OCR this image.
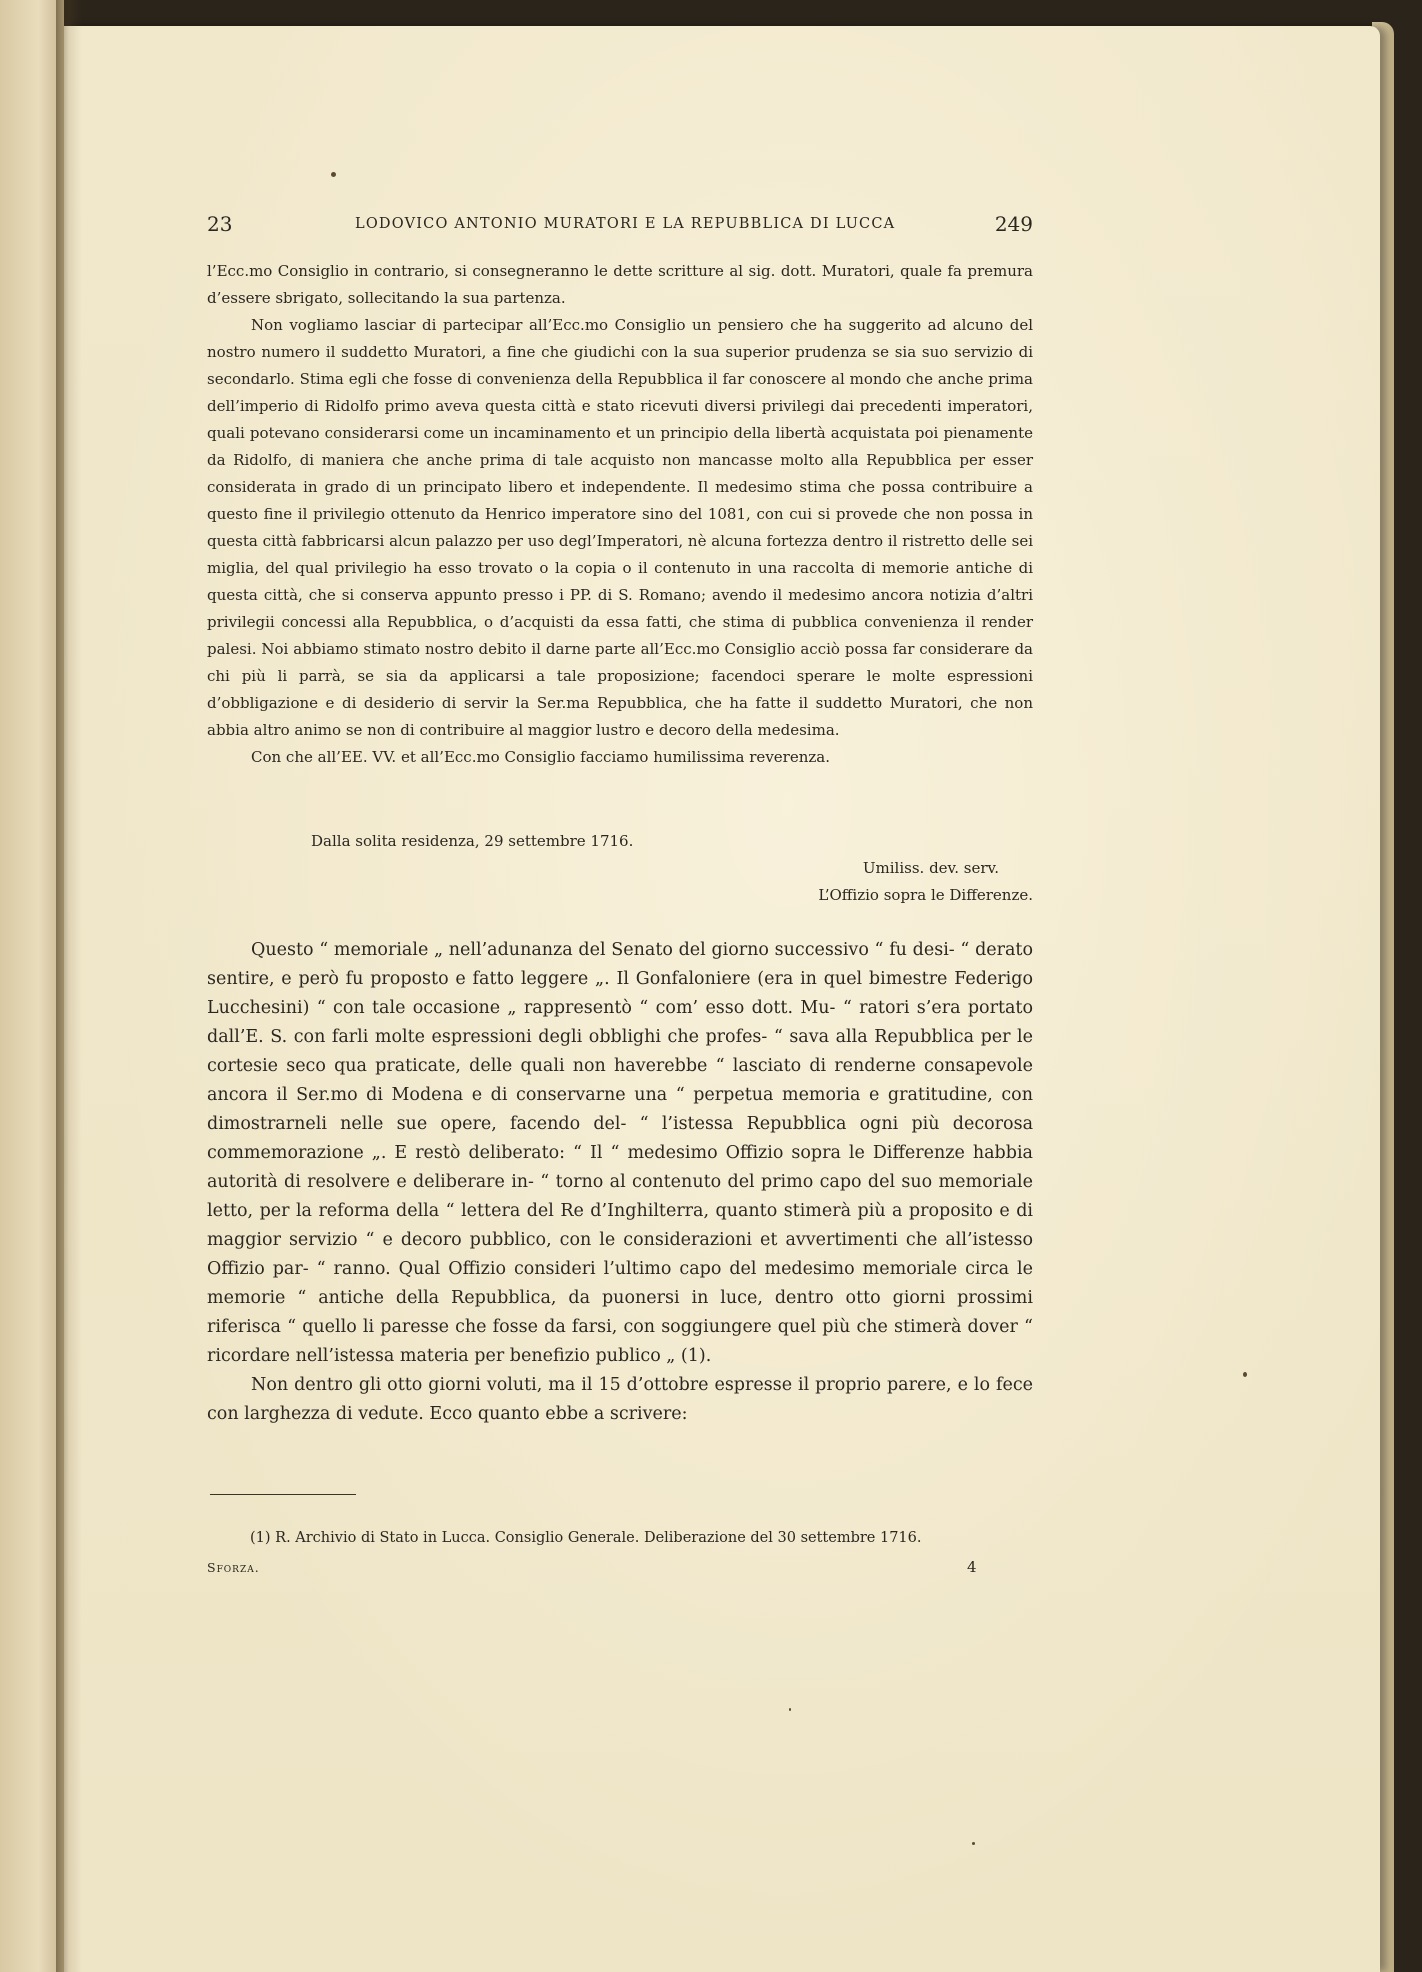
23	LODOVICO ANTONIO MURATORI E LA REPUBBLICA DI LUCCA	249

l’Ecc.mo Consiglio in contrario, si consegneranno le dette scritture al sig. dott. Muratori, quale fa premura d’essere sbrigato, sollecitando la sua partenza.

Non vogliamo lasciar di partecipar all’Ecc.mo Consiglio un pensiero che ha suggerito ad alcuno del nostro numero il suddetto Muratori, a fine che giudichi con la sua superior prudenza se sia suo servizio di secondarlo. Stima egli che fosse di convenienza della Repubblica il far conoscere al mondo che anche prima dell’imperio di Ridolfo primo aveva questa città e stato ricevuti diversi privilegi dai precedenti imperatori, quali potevano considerarsi come un incaminamento et un principio della libertà acquistata poi pienamente da Ridolfo, di maniera che anche prima di tale acquisto non mancasse molto alla Repubblica per esser considerata in grado di un principato libero et independente. Il medesimo stima che possa contribuire a questo fine il privilegio ottenuto da Henrico imperatore sino del 1081, con cui si provede che non possa in questa città fabbricarsi alcun palazzo per uso degl’Imperatori, nè alcuna fortezza dentro il ristretto delle sei miglia, del qual privilegio ha esso trovato o la copia o il contenuto in una raccolta di memorie antiche di questa città, che si conserva appunto presso i PP. di S. Romano; avendo il medesimo ancora notizia d’altri privilegii concessi alla Repubblica, o d’acquisti da essa fatti, che stima di pubblica convenienza il render palesi. Noi abbiamo stimato nostro debito il darne parte all’Ecc.mo Consiglio acciò possa far considerare da chi più li parrà, se sia da applicarsi a tale proposizione; facendoci sperare le molte espressioni d’obbligazione e di desiderio di servir la Ser.ma Repubblica, che ha fatte il suddetto Muratori, che non abbia altro animo se non di contribuire al maggior lustro e decoro della medesima.

Con che all’EE. VV. et all’Ecc.mo Consiglio facciamo humilissima reverenza.

Dalla solita residenza, 29 settembre 1716.
Umiliss. dev. serv.
L’Offizio sopra le Differenze.

Questo “ memoriale „ nell’adunanza del Senato del giorno successivo “ fu desi- “ derato sentire, e però fu proposto e fatto leggere „. Il Gonfaloniere (era in quel bimestre Federigo Lucchesini) “ con tale occasione „ rappresentò “ com’ esso dott. Mu- “ ratori s’era portato dall’E. S. con farli molte espressioni degli obblighi che profes- “ sava alla Repubblica per le cortesie seco qua praticate, delle quali non haverebbe “ lasciato di renderne consapevole ancora il Ser.mo di Modena e di conservarne una “ perpetua memoria e gratitudine, con dimostrarneli nelle sue opere, facendo del- “ l’istessa Repubblica ogni più decorosa commemorazione „. E restò deliberato: “ Il “ medesimo Offizio sopra le Differenze habbia autorità di resolvere e deliberare in- “ torno al contenuto del primo capo del suo memoriale letto, per la reforma della “ lettera del Re d’Inghilterra, quanto stimerà più a proposito e di maggior servizio “ e decoro pubblico, con le considerazioni et avvertimenti che all’istesso Offizio par- “ ranno. Qual Offizio consideri l’ultimo capo del medesimo memoriale circa le memorie “ antiche della Repubblica, da puonersi in luce, dentro otto giorni prossimi riferisca “ quello li paresse che fosse da farsi, con soggiungere quel più che stimerà dover “ ricordare nell’istessa materia per benefizio publico „ (1).

Non dentro gli otto giorni voluti, ma il 15 d’ottobre espresse il proprio parere, e lo fece con larghezza di vedute. Ecco quanto ebbe a scrivere:

(1) R. Archivio di Stato in Lucca. Consiglio Generale. Deliberazione del 30 settembre 1716.
Sforza.	4
